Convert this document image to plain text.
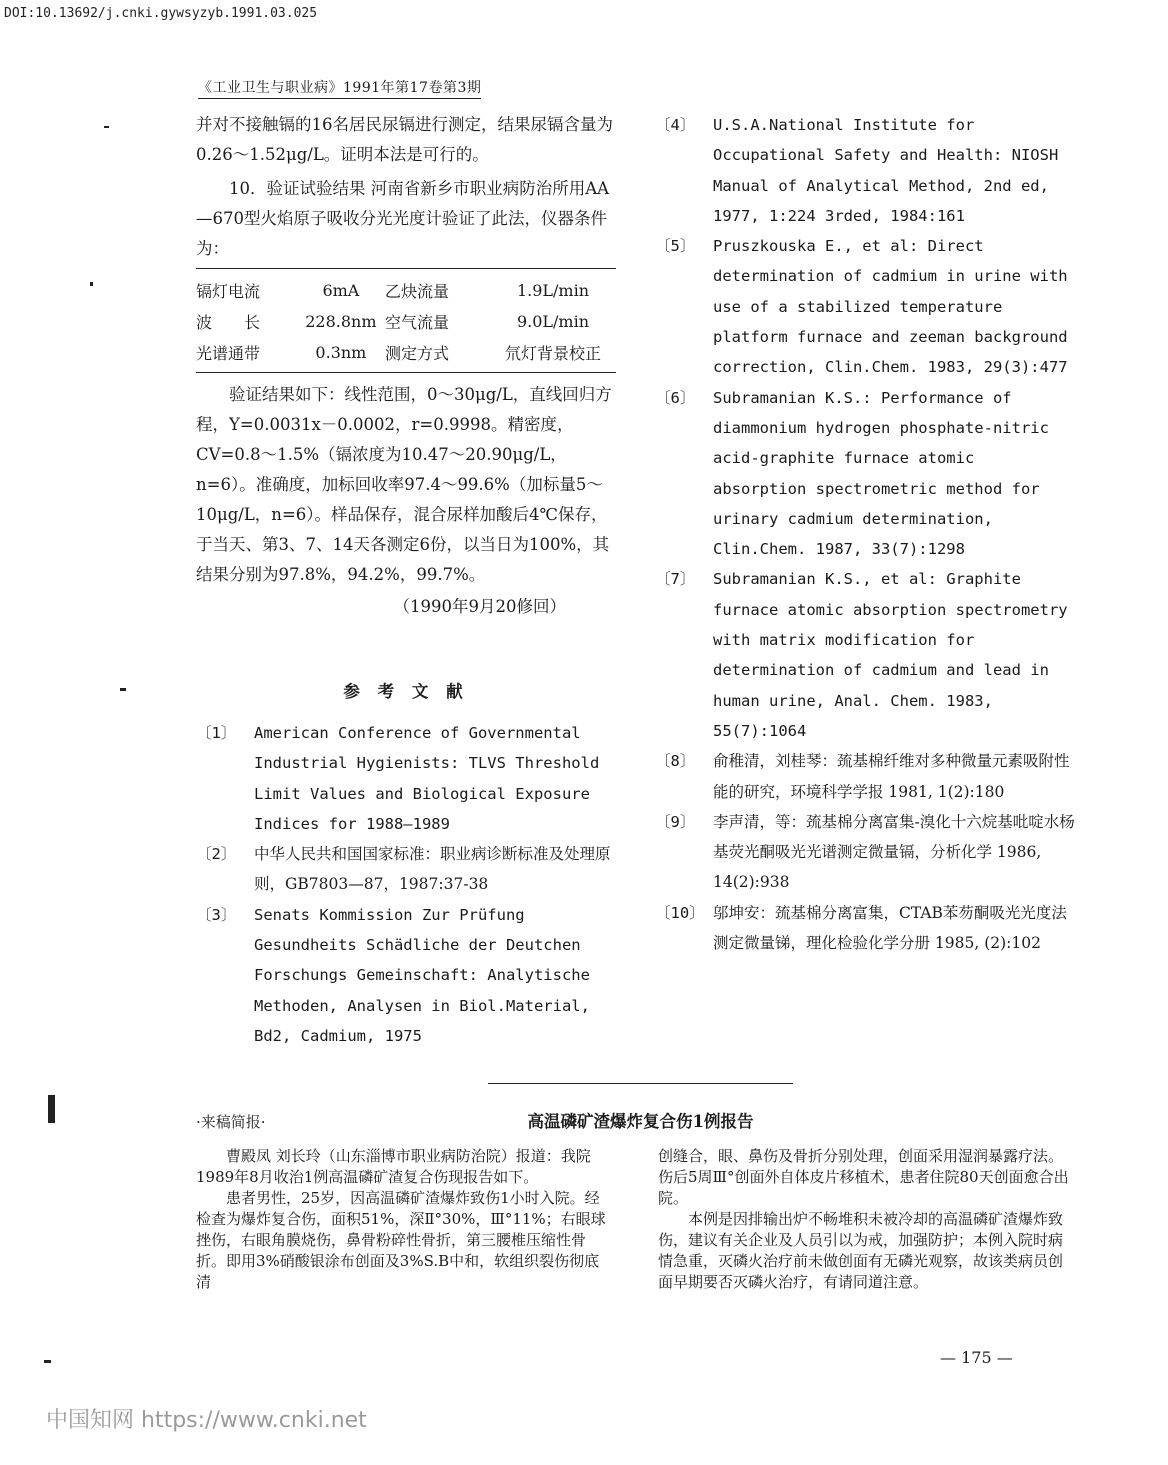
DOI:10.13692/j.cnki.gywsyzyb.1991.03.025
《工业卫生与职业病》1991年第17卷第3期

并对不接触镉的16名居民尿镉进行测定，结果尿镉含量为0.26～1.52μg/L。证明本法是可行的。

10．验证试验结果 河南省新乡市职业病防治所用AA—670型火焰原子吸收分光光度计验证了此法，仪器条件为：

镉灯电流	6mA	乙炔流量	1.9L/min
波　　长	228.8nm	空气流量	9.0L/min
光谱通带	0.3nm	测定方式	氘灯背景校正

验证结果如下：线性范围，0～30μg/L，直线回归方程，Y=0.0031x－0.0002，r=0.9998。精密度，CV=0.8～1.5%（镉浓度为10.47～20.90μg/L，n=6）。准确度，加标回收率97.4～99.6%（加标量5～10μg/L，n=6）。样品保存，混合尿样加酸后4℃保存，于当天、第3、7、14天各测定6份，以当日为100%，其结果分别为97.8%，94.2%，99.7%。

（1990年9月20修回）

参 考 文 献
〔1〕	American Conference of Governmental Industrial Hygienists: TLVS Threshold Limit Values and Biological Exposure Indices for 1988—1989
〔2〕	中华人民共和国国家标准：职业病诊断标准及处理原则，GB7803—87，1987:37-38
〔3〕	Senats Kommission Zur Prüfung Gesundheits Schädliche der Deutchen Forschungs Gemeinschaft: Analytische Methoden, Analysen in Biol.Material, Bd2, Cadmium, 1975
〔4〕	U.S.A.National Institute for Occupational Safety and Health: NIOSH Manual of Analytical Method, 2nd ed, 1977, 1:224 3rded, 1984:161
〔5〕	Pruszkouska E., et al: Direct determination of cadmium in urine with use of a stabilized temperature platform furnace and zeeman background correction, Clin.Chem. 1983, 29(3):477
〔6〕	Subramanian K.S.: Performance of diammonium hydrogen phosphate-nitric acid-graphite furnace atomic absorption spectrometric method for urinary cadmium determination, Clin.Chem. 1987, 33(7):1298
〔7〕	Subramanian K.S., et al: Graphite furnace atomic absorption spectrometry with matrix modification for determination of cadmium and lead in human urine, Anal. Chem. 1983, 55(7):1064
〔8〕	俞稚清，刘桂琴：巯基棉纤维对多种微量元素吸附性能的研究，环境科学学报 1981, 1(2):180
〔9〕	李声清，等：巯基棉分离富集-溴化十六烷基吡啶水杨基荧光酮吸光光谱测定微量镉，分析化学 1986, 14(2):938
〔10〕 邬坤安：巯基棉分离富集，CTAB苯芴酮吸光光度法测定微量锑，理化检验化学分册 1985, (2):102
·来稿简报·	高温磷矿渣爆炸复合伤1例报告

曹殿凤 刘长玲（山东淄博市职业病防治院）报道：我院1989年8月收治1例高温磷矿渣复合伤现报告如下。

患者男性，25岁，因高温磷矿渣爆炸致伤1小时入院。经检查为爆炸复合伤，面积51%，深Ⅱ°30%，Ⅲ°11%；右眼球挫伤，右眼角膜烧伤，鼻骨粉碎性骨折，第三腰椎压缩性骨折。即用3%硝酸银涂布创面及3%S.B中和，软组织裂伤彻底清

创缝合，眼、鼻伤及骨折分别处理，创面采用湿润暴露疗法。伤后5周Ⅲ°创面外自体皮片移植术，患者住院80天创面愈合出院。

本例是因排输出炉不畅堆积未被冷却的高温磷矿渣爆炸致伤，建议有关企业及人员引以为戒，加强防护；本例入院时病情急重，灭磷火治疗前未做创面有无磷光观察，故该类病员创面早期要否灭磷火治疗，有请同道注意。

— 175 —
中国知网 https://www.cnki.net
